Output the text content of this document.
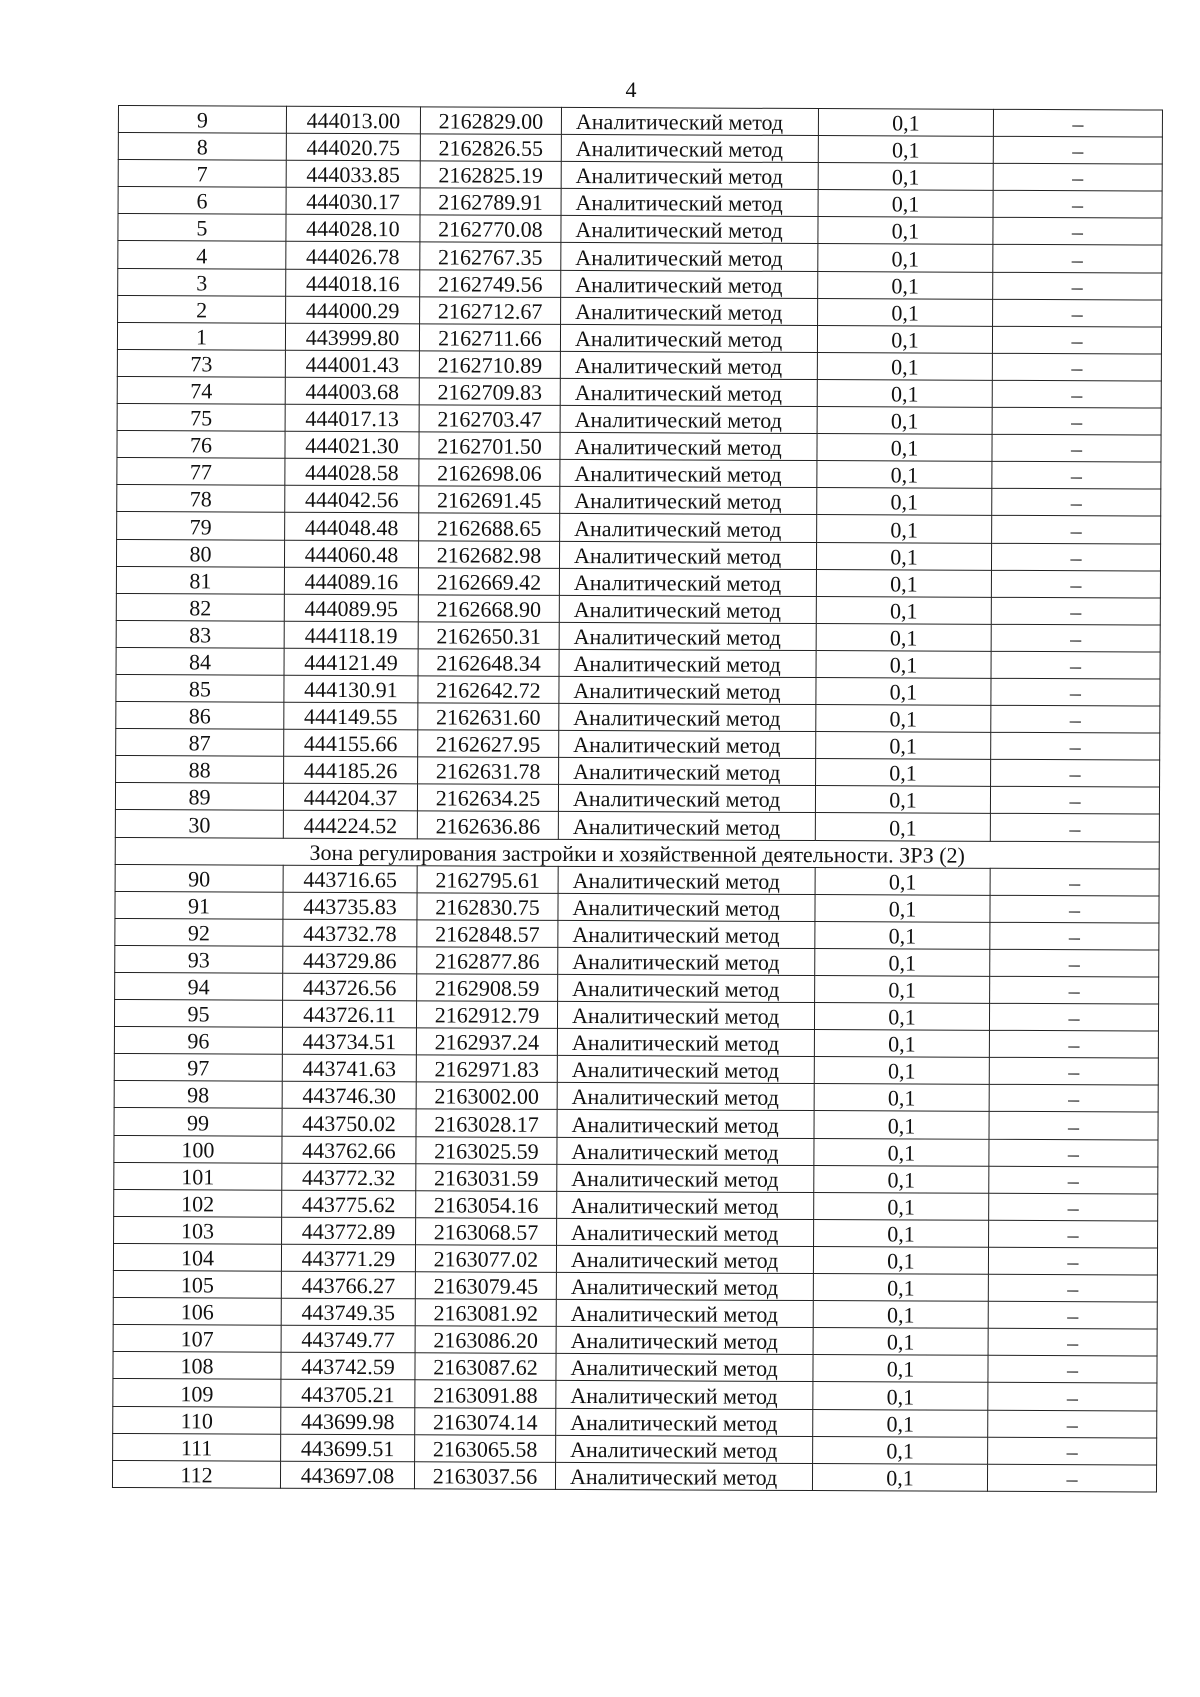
4
9	444013.00	2162829.00	Аналитический метод	0,1	–
8	444020.75	2162826.55	Аналитический метод	0,1	–
7	444033.85	2162825.19	Аналитический метод	0,1	–
6	444030.17	2162789.91	Аналитический метод	0,1	–
5	444028.10	2162770.08	Аналитический метод	0,1	–
4	444026.78	2162767.35	Аналитический метод	0,1	–
3	444018.16	2162749.56	Аналитический метод	0,1	–
2	444000.29	2162712.67	Аналитический метод	0,1	–
1	443999.80	2162711.66	Аналитический метод	0,1	–
73	444001.43	2162710.89	Аналитический метод	0,1	–
74	444003.68	2162709.83	Аналитический метод	0,1	–
75	444017.13	2162703.47	Аналитический метод	0,1	–
76	444021.30	2162701.50	Аналитический метод	0,1	–
77	444028.58	2162698.06	Аналитический метод	0,1	–
78	444042.56	2162691.45	Аналитический метод	0,1	–
79	444048.48	2162688.65	Аналитический метод	0,1	–
80	444060.48	2162682.98	Аналитический метод	0,1	–
81	444089.16	2162669.42	Аналитический метод	0,1	–
82	444089.95	2162668.90	Аналитический метод	0,1	–
83	444118.19	2162650.31	Аналитический метод	0,1	–
84	444121.49	2162648.34	Аналитический метод	0,1	–
85	444130.91	2162642.72	Аналитический метод	0,1	–
86	444149.55	2162631.60	Аналитический метод	0,1	–
87	444155.66	2162627.95	Аналитический метод	0,1	–
88	444185.26	2162631.78	Аналитический метод	0,1	–
89	444204.37	2162634.25	Аналитический метод	0,1	–
30	444224.52	2162636.86	Аналитический метод	0,1	–
Зона регулирования застройки и хозяйственной деятельности. ЗРЗ (2)					
90	443716.65	2162795.61	Аналитический метод	0,1	–
91	443735.83	2162830.75	Аналитический метод	0,1	–
92	443732.78	2162848.57	Аналитический метод	0,1	–
93	443729.86	2162877.86	Аналитический метод	0,1	–
94	443726.56	2162908.59	Аналитический метод	0,1	–
95	443726.11	2162912.79	Аналитический метод	0,1	–
96	443734.51	2162937.24	Аналитический метод	0,1	–
97	443741.63	2162971.83	Аналитический метод	0,1	–
98	443746.30	2163002.00	Аналитический метод	0,1	–
99	443750.02	2163028.17	Аналитический метод	0,1	–
100	443762.66	2163025.59	Аналитический метод	0,1	–
101	443772.32	2163031.59	Аналитический метод	0,1	–
102	443775.62	2163054.16	Аналитический метод	0,1	–
103	443772.89	2163068.57	Аналитический метод	0,1	–
104	443771.29	2163077.02	Аналитический метод	0,1	–
105	443766.27	2163079.45	Аналитический метод	0,1	–
106	443749.35	2163081.92	Аналитический метод	0,1	–
107	443749.77	2163086.20	Аналитический метод	0,1	–
108	443742.59	2163087.62	Аналитический метод	0,1	–
109	443705.21	2163091.88	Аналитический метод	0,1	–
110	443699.98	2163074.14	Аналитический метод	0,1	–
111	443699.51	2163065.58	Аналитический метод	0,1	–
112	443697.08	2163037.56	Аналитический метод	0,1	–
